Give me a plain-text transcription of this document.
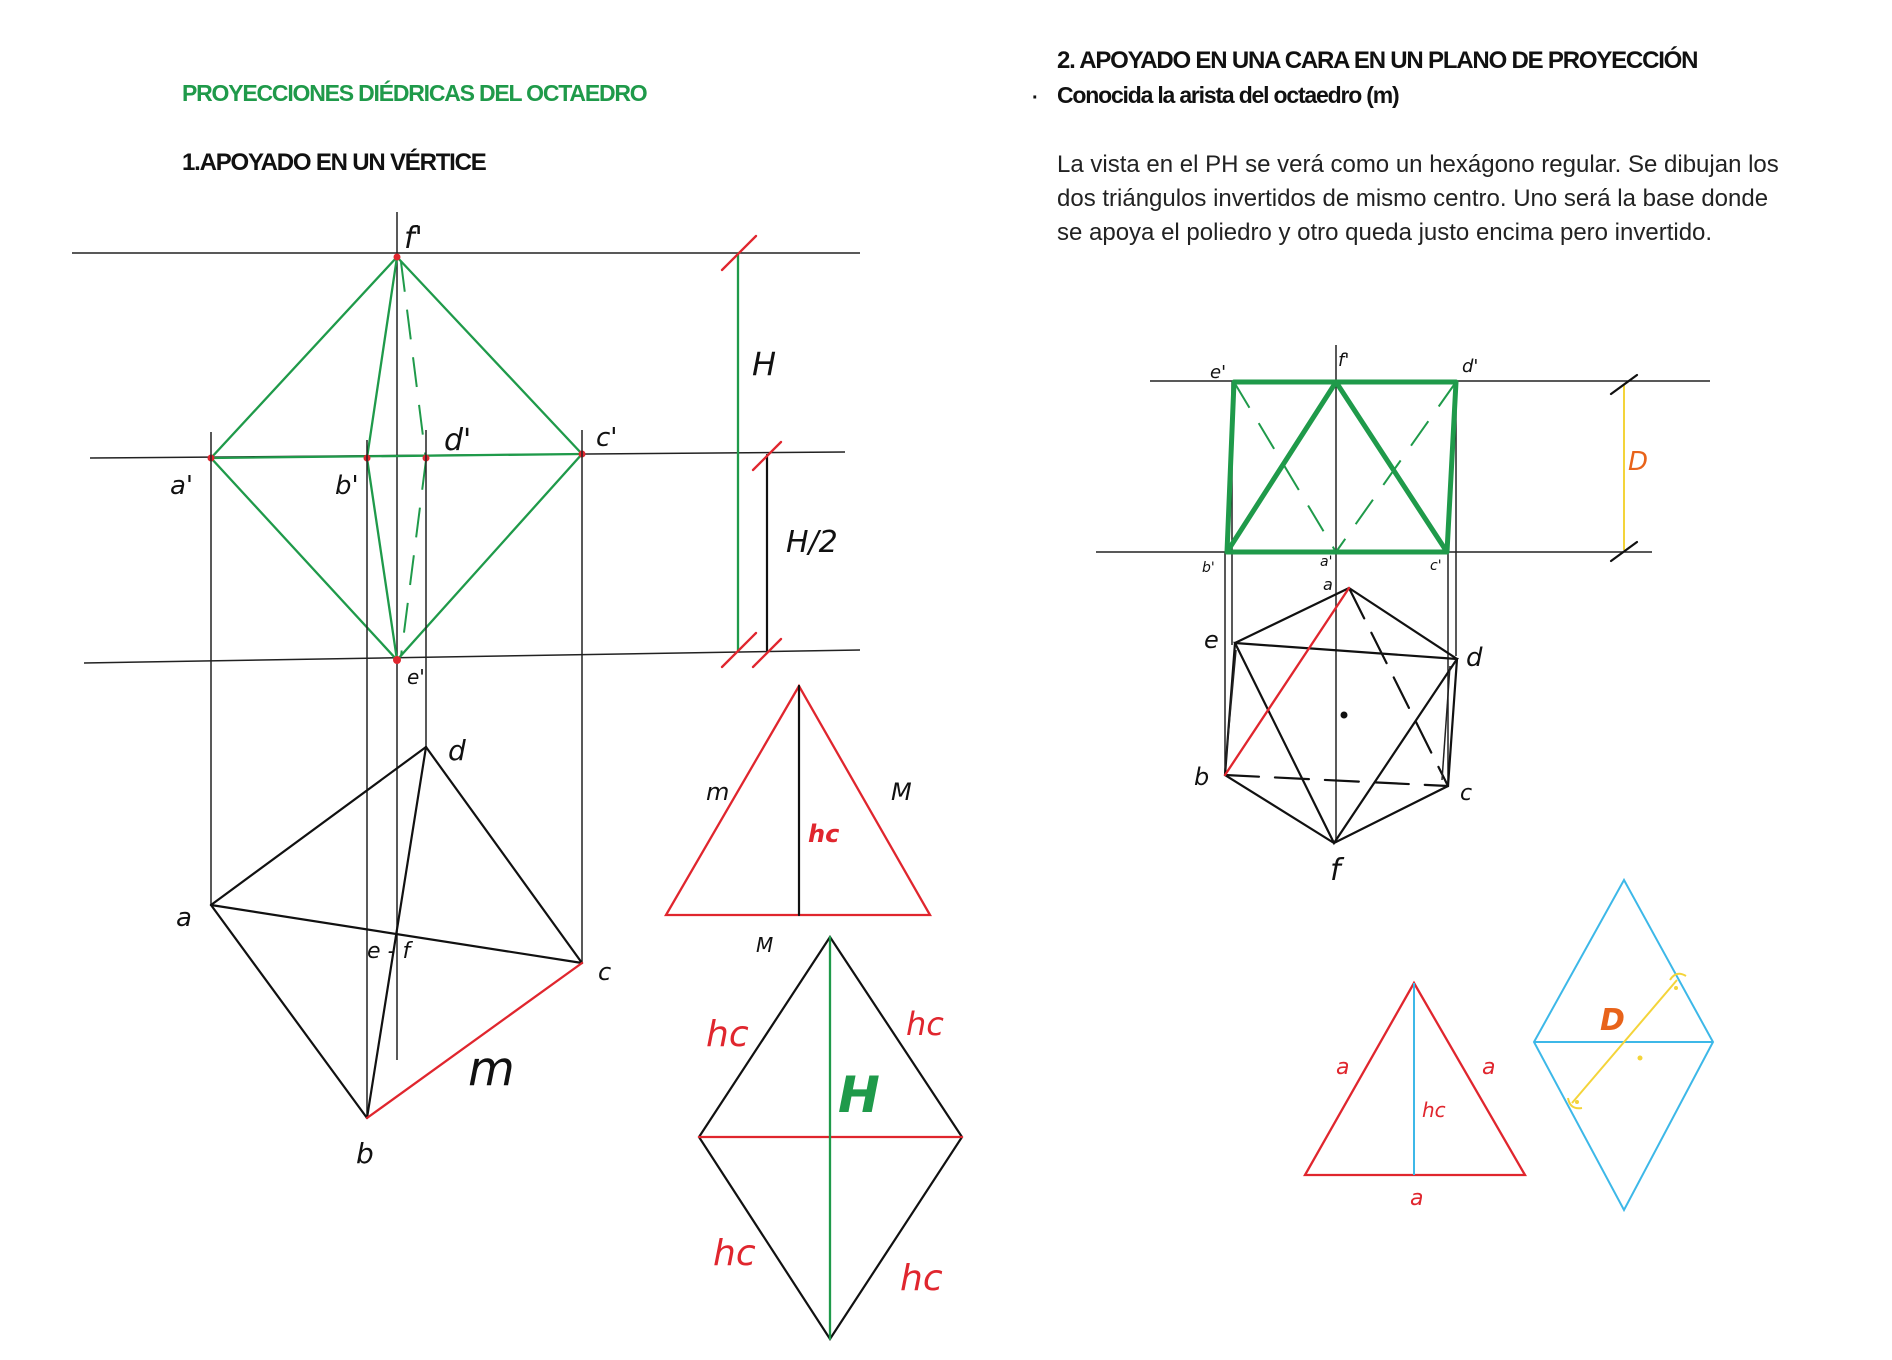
PROYECCIONES DIÉDRICAS DEL OCTAEDRO
1.APOYADO EN UN VÉRTICE
f'
d'	c'
a'	b'
e'
H
H/2
d
a
e - f
c
b
m
m	M
hc
M
hc	hc
hc
hc
H
2. APOYADO EN UNA CARA EN UN PLANO DE PROYECCIÓN
· Conocida la arista del octaedro (m)
La vista en el PH se verá como un hexágono regular. Se dibujan los
dos triángulos invertidos de mismo centro. Uno será la base donde
se apoya el poliedro y otro queda justo encima pero invertido.
D
e'
f'	d'
b'	a'	c'
a
e
d
b
c
f
a	a
a
hc
D
